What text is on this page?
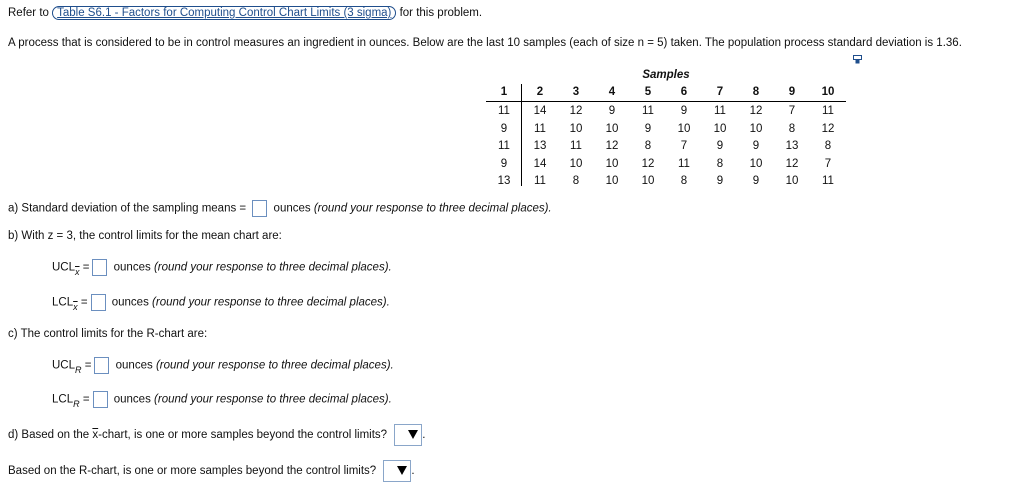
Refer to Table S6.1 - Factors for Computing Control Chart Limits (3 sigma) for this problem.
A process that is considered to be in control measures an ingredient in ounces. Below are the last 10 samples (each of size n = 5) taken. The population process standard deviation is 1.36.
Samples									
1	2	3	4	5	6	7	8	9	10
11	14	12	9	11	9	11	12	7	11
9	11	10	10	9	10	10	10	8	12
11	13	11	12	8	7	9	9	13	8
9	14	10	10	12	11	8	10	12	7
13	11	8	10	10	8	9	9	10	11
a) Standard deviation of the sampling means = ounces (round your response to three decimal places).
b) With z = 3, the control limits for the mean chart are:
$UCL_{\overline{x}}$ = ounces (round your response to three decimal places).
$LCL_{\overline{x}}$ = ounces (round your response to three decimal places).
c) The control limits for the R-chart are:
$UCL_R$ = ounces (round your response to three decimal places).
$LCL_R$ = ounces (round your response to three decimal places).
d) Based on the $\overline{x}$-chart, is one or more samples beyond the control limits?	.
Based on the R-chart, is one or more samples beyond the control limits?	.
